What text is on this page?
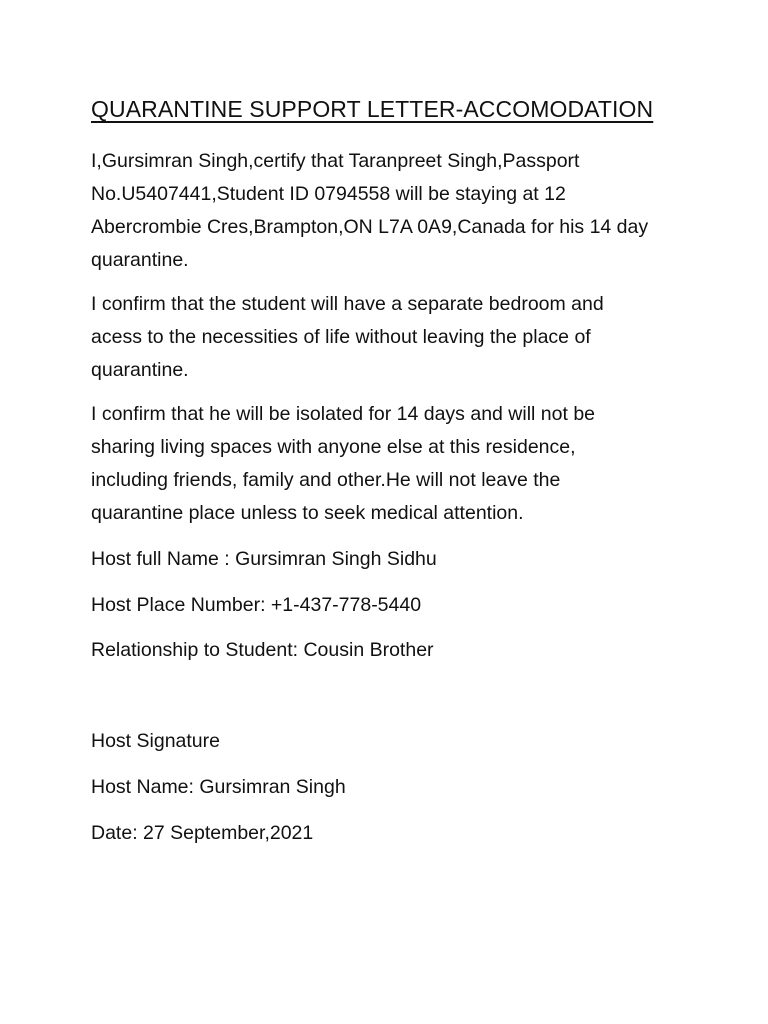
QUARANTINE SUPPORT LETTER-ACCOMODATION

I,Gursimran Singh,certify that Taranpreet Singh,Passport
No.U5407441,Student ID 0794558 will be staying at 12
Abercrombie Cres,Brampton,ON L7A 0A9,Canada for his 14 day
quarantine.

I confirm that the student will have a separate bedroom and
acess to the necessities of life without leaving the place of
quarantine.

I confirm that he will be isolated for 14 days and will not be
sharing living spaces with anyone else at this residence,
including friends, family and other.He will not leave the
quarantine place unless to seek medical attention.

Host full Name : Gursimran Singh Sidhu

Host Place Number: +1-437-778-5440

Relationship to Student: Cousin Brother

Host Signature

Host Name: Gursimran Singh

Date: 27 September,2021
